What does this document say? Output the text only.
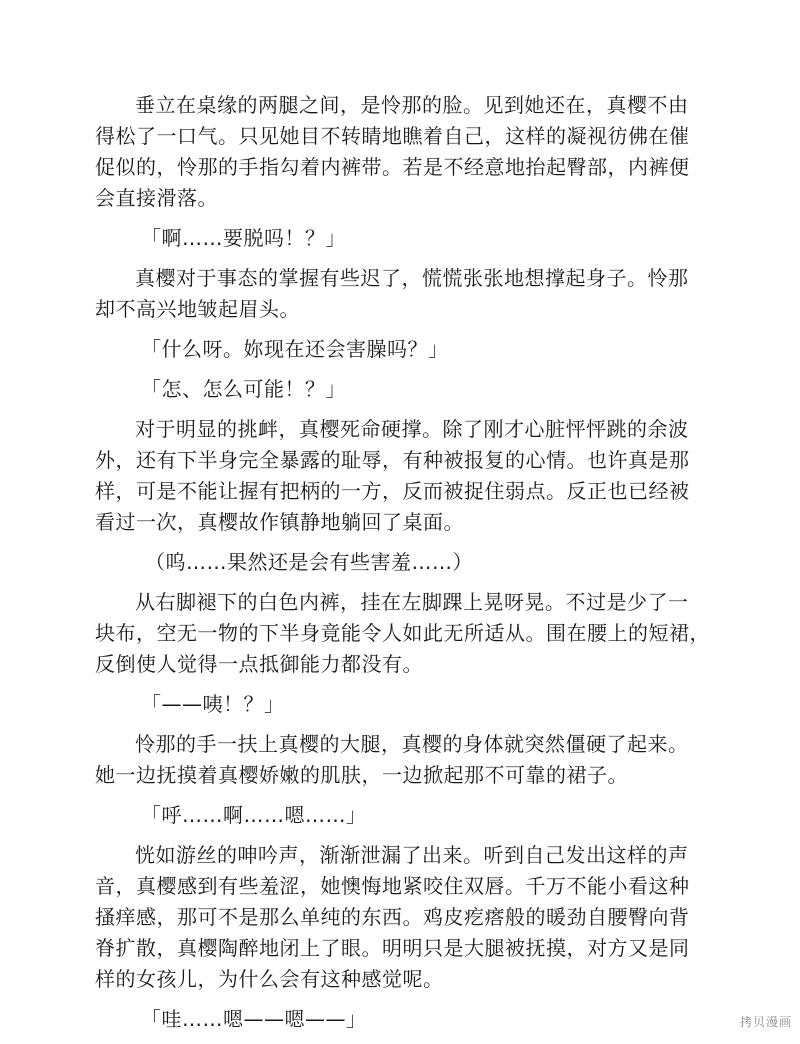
垂立在桌缘的两腿之间，是怜那的脸。见到她还在，真樱不由
得松了一口气。只见她目不转睛地瞧着自己，这样的凝视彷佛在催
促似的，怜那的手指勾着内裤带。若是不经意地抬起臀部，内裤便
会直接滑落。

「啊……要脱吗！？」

真樱对于事态的掌握有些迟了，慌慌张张地想撑起身子。怜那
却不高兴地皱起眉头。

「什么呀。妳现在还会害臊吗？」

「怎、怎么可能！？」

对于明显的挑衅，真樱死命硬撑。除了刚才心脏怦怦跳的余波
外，还有下半身完全暴露的耻辱，有种被报复的心情。也许真是那
样，可是不能让握有把柄的一方，反而被捉住弱点。反正也已经被
看过一次，真樱故作镇静地躺回了桌面。

（呜……果然还是会有些害羞……）

从右脚褪下的白色内裤，挂在左脚踝上晃呀晃。不过是少了一
块布，空无一物的下半身竟能令人如此无所适从。围在腰上的短裙，
反倒使人觉得一点抵御能力都没有。

「——咦！？」

怜那的手一扶上真樱的大腿，真樱的身体就突然僵硬了起来。
她一边抚摸着真樱娇嫩的肌肤，一边掀起那不可靠的裙子。

「呼……啊……嗯……」

恍如游丝的呻吟声，渐渐泄漏了出来。听到自己发出这样的声
音，真樱感到有些羞涩，她懊悔地紧咬住双唇。千万不能小看这种
搔痒感，那可不是那么单纯的东西。鸡皮疙瘩般的暖劲自腰臀向背
脊扩散，真樱陶醉地闭上了眼。明明只是大腿被抚摸，对方又是同
样的女孩儿，为什么会有这种感觉呢。

「哇……嗯——嗯——」	拷贝漫画
